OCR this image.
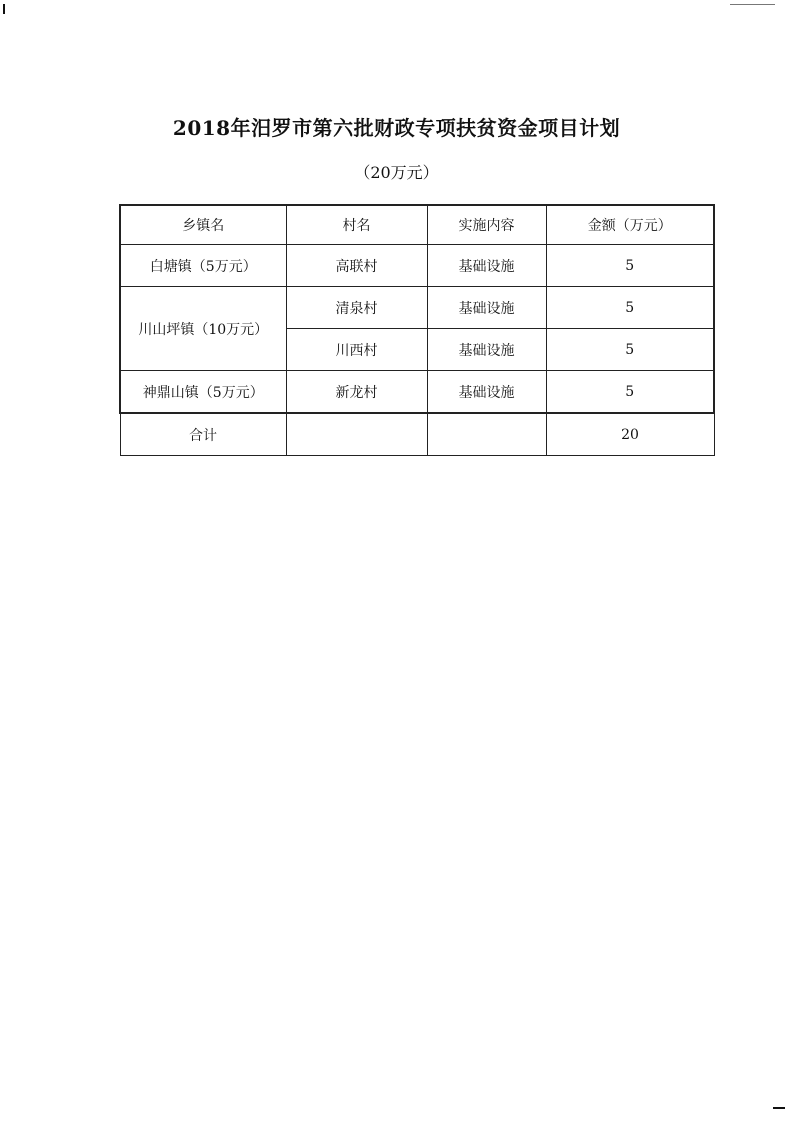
2018年汨罗市第六批财政专项扶贫资金项目计划
（20万元）
乡镇名	村名	实施内容	金额（万元）
白塘镇（5万元）	高联村	基础设施	5
川山坪镇（10万元）	清泉村	基础设施	5
	川西村	基础设施	5
神鼎山镇（5万元）	新龙村	基础设施	5
合计			20
